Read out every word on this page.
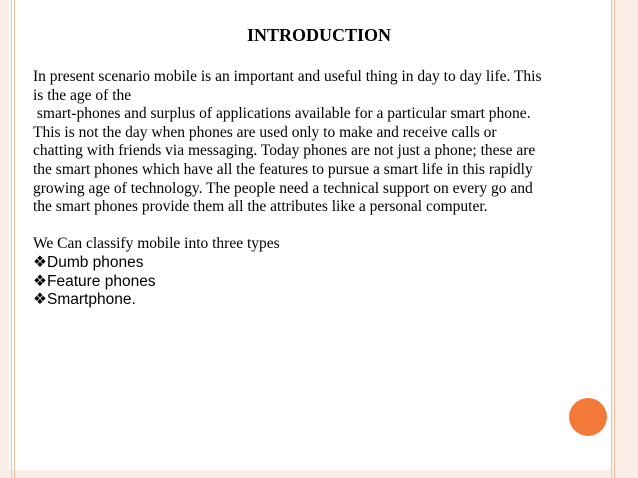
INTRODUCTION

In present scenario mobile is an important and useful thing in day to day life. This

is the age of the

smart-phones and surplus of applications available for a particular smart phone.

This is not the day when phones are used only to make and receive calls or

chatting with friends via messaging. Today phones are not just a phone; these are

the smart phones which have all the features to pursue a smart life in this rapidly

growing age of technology. The people need a technical support on every go and

the smart phones provide them all the attributes like a personal computer.

We Can classify mobile into three types

❖Dumb phones
❖Feature phones
❖Smartphone.
